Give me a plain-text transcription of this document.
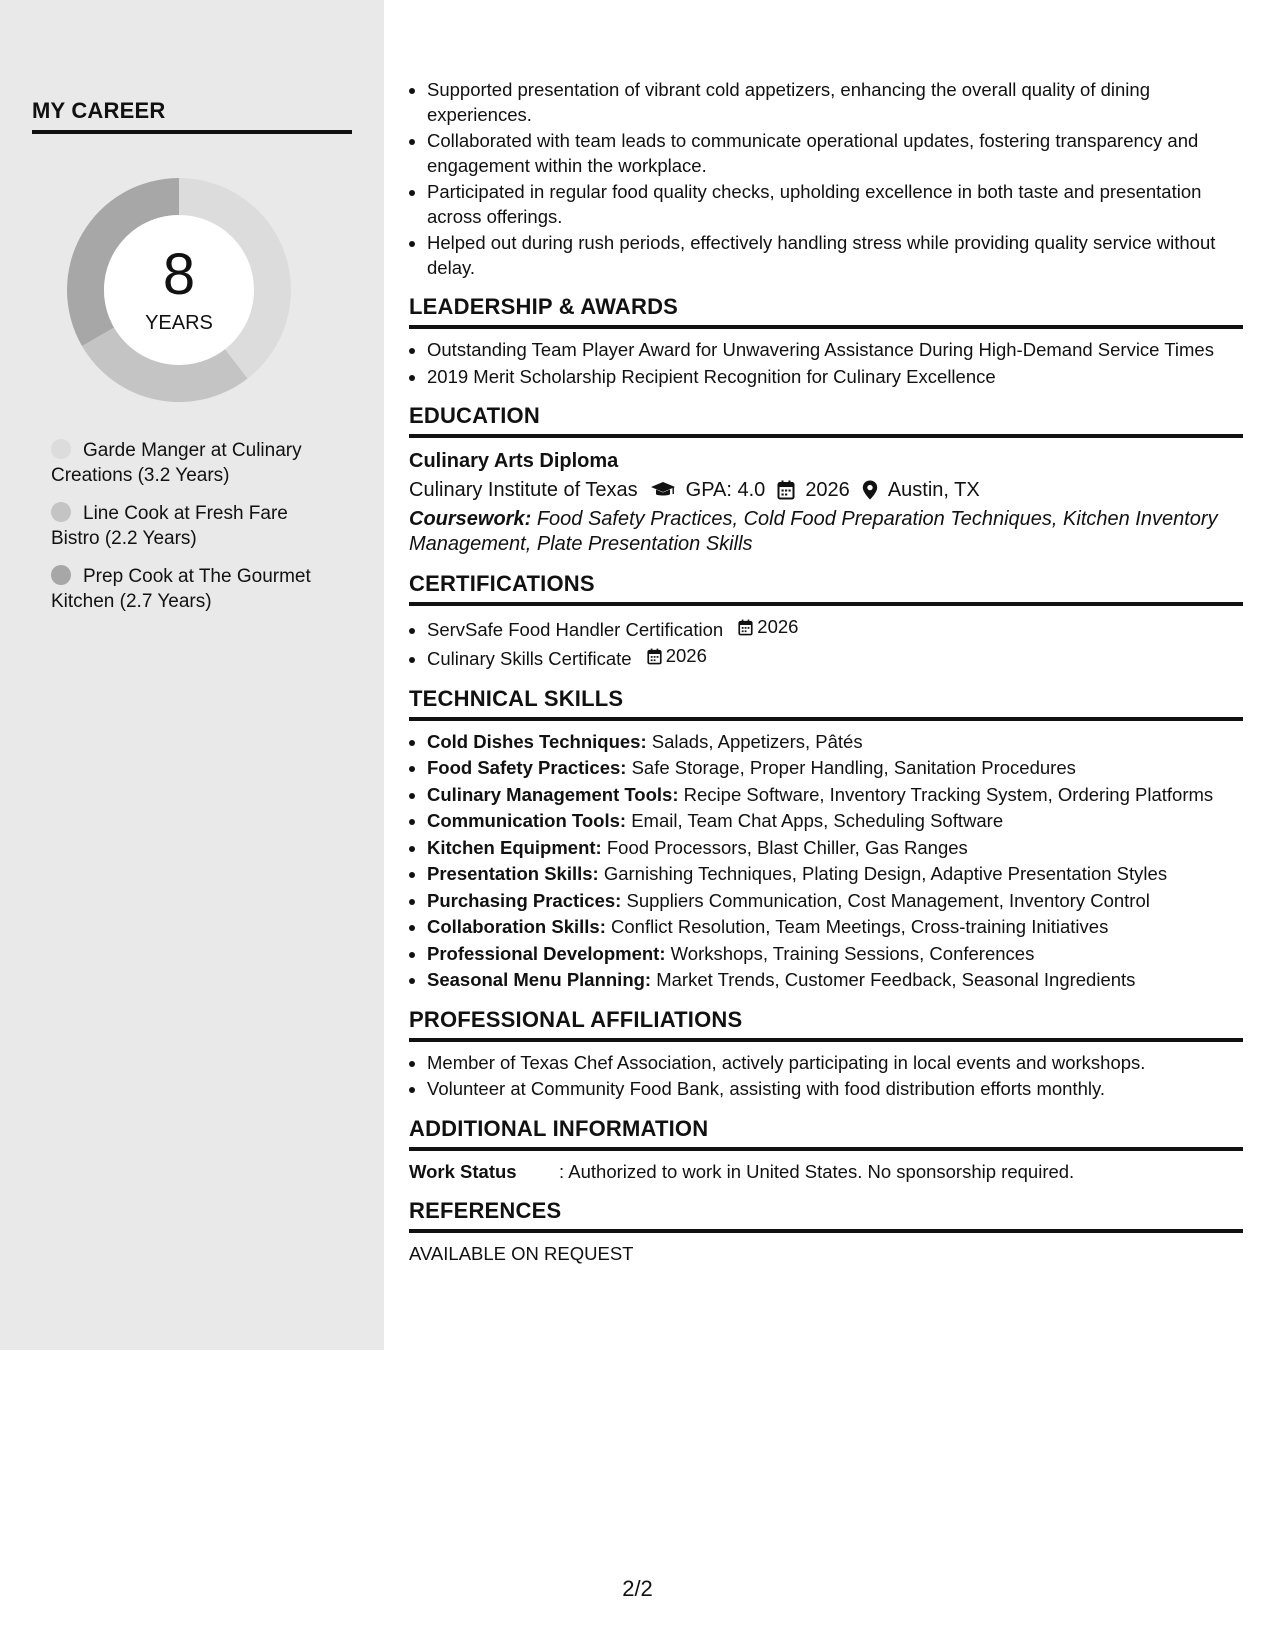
MY CAREER
8
YEARS
Garde Manger at Culinary Creations (3.2 Years)
Line Cook at Fresh Fare Bistro (2.2 Years)
Prep Cook at The Gourmet Kitchen (2.7 Years)
• Supported presentation of vibrant cold appetizers, enhancing the overall quality of dining experiences.
• Collaborated with team leads to communicate operational updates, fostering transparency and engagement within the workplace.
• Participated in regular food quality checks, upholding excellence in both taste and presentation across offerings.
• Helped out during rush periods, effectively handling stress while providing quality service without delay.
LEADERSHIP & AWARDS
• Outstanding Team Player Award for Unwavering Assistance During High-Demand Service Times
• 2019 Merit Scholarship Recipient Recognition for Culinary Excellence
EDUCATION
Culinary Arts Diploma
Culinary Institute of Texas GPA: 4.0 2026 Austin, TX
Coursework: Food Safety Practices, Cold Food Preparation Techniques, Kitchen Inventory Management, Plate Presentation Skills
CERTIFICATIONS
• ServSafe Food Handler Certification 2026
• Culinary Skills Certificate 2026
TECHNICAL SKILLS
• Cold Dishes Techniques: Salads, Appetizers, Pâtés
• Food Safety Practices: Safe Storage, Proper Handling, Sanitation Procedures
• Culinary Management Tools: Recipe Software, Inventory Tracking System, Ordering Platforms
• Communication Tools: Email, Team Chat Apps, Scheduling Software
• Kitchen Equipment: Food Processors, Blast Chiller, Gas Ranges
• Presentation Skills: Garnishing Techniques, Plating Design, Adaptive Presentation Styles
• Purchasing Practices: Suppliers Communication, Cost Management, Inventory Control
• Collaboration Skills: Conflict Resolution, Team Meetings, Cross-training Initiatives
• Professional Development: Workshops, Training Sessions, Conferences
• Seasonal Menu Planning: Market Trends, Customer Feedback, Seasonal Ingredients
PROFESSIONAL AFFILIATIONS
• Member of Texas Chef Association, actively participating in local events and workshops.
• Volunteer at Community Food Bank, assisting with food distribution efforts monthly.
ADDITIONAL INFORMATION
Work Status	: Authorized to work in United States. No sponsorship required.
REFERENCES
AVAILABLE ON REQUEST
2/2
